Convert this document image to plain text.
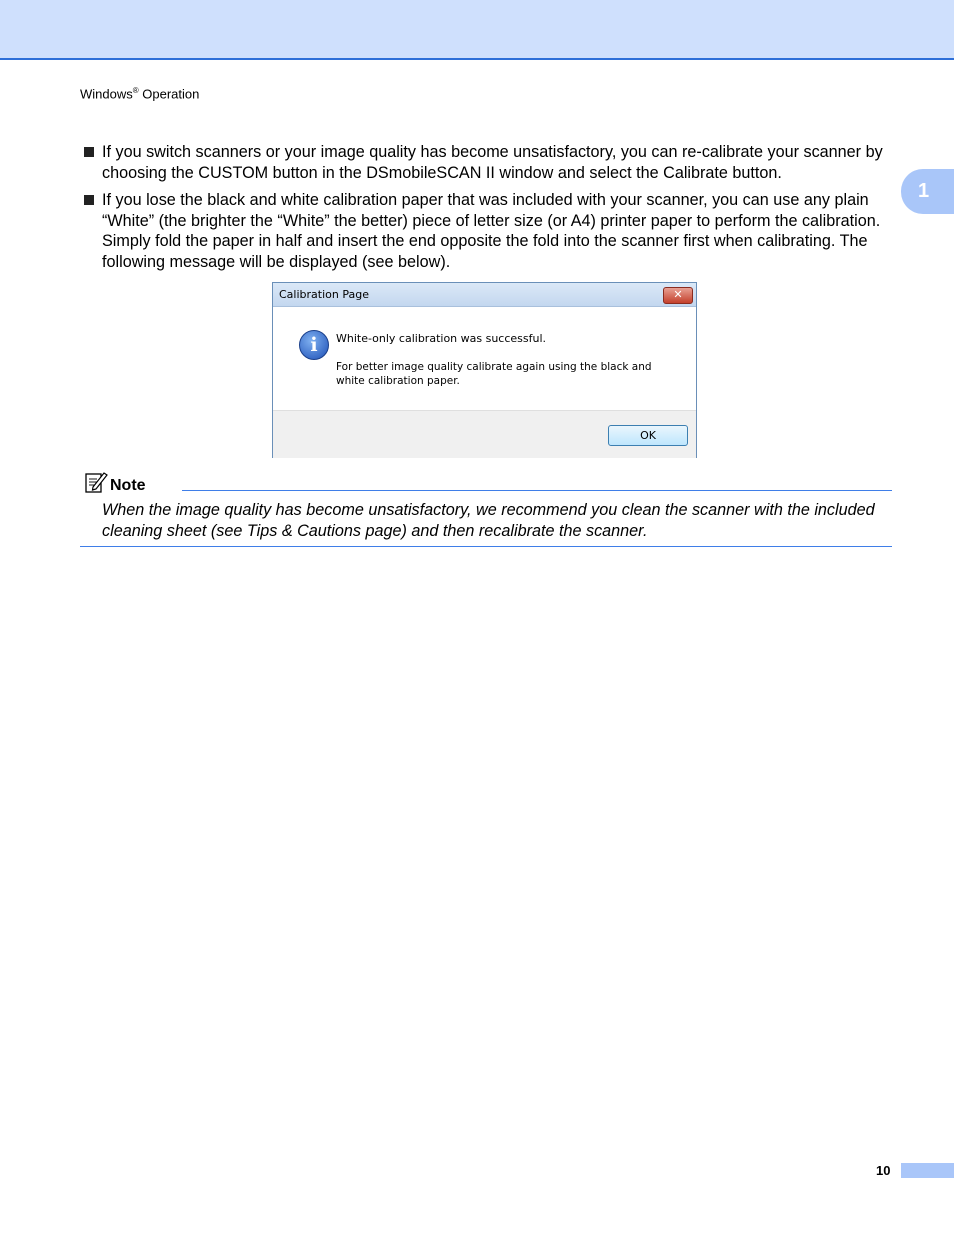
Windows® Operation
1
If you switch scanners or your image quality has become unsatisfactory, you can re-calibrate your scanner by choosing the CUSTOM button in the DSmobileSCAN II window and select the Calibrate button.
If you lose the black and white calibration paper that was included with your scanner, you can use any plain “White” (the brighter the “White” the better) piece of letter size (or A4) printer paper to perform the calibration. Simply fold the paper in half and insert the end opposite the fold into the scanner first when calibrating. The following message will be displayed (see below).
Calibration Page	✕
i	White-only calibration was successful.
For better image quality calibrate again using the black and white calibration paper.
OK
Note
When the image quality has become unsatisfactory, we recommend you clean the scanner with the included cleaning sheet (see Tips & Cautions page) and then recalibrate the scanner.
10
